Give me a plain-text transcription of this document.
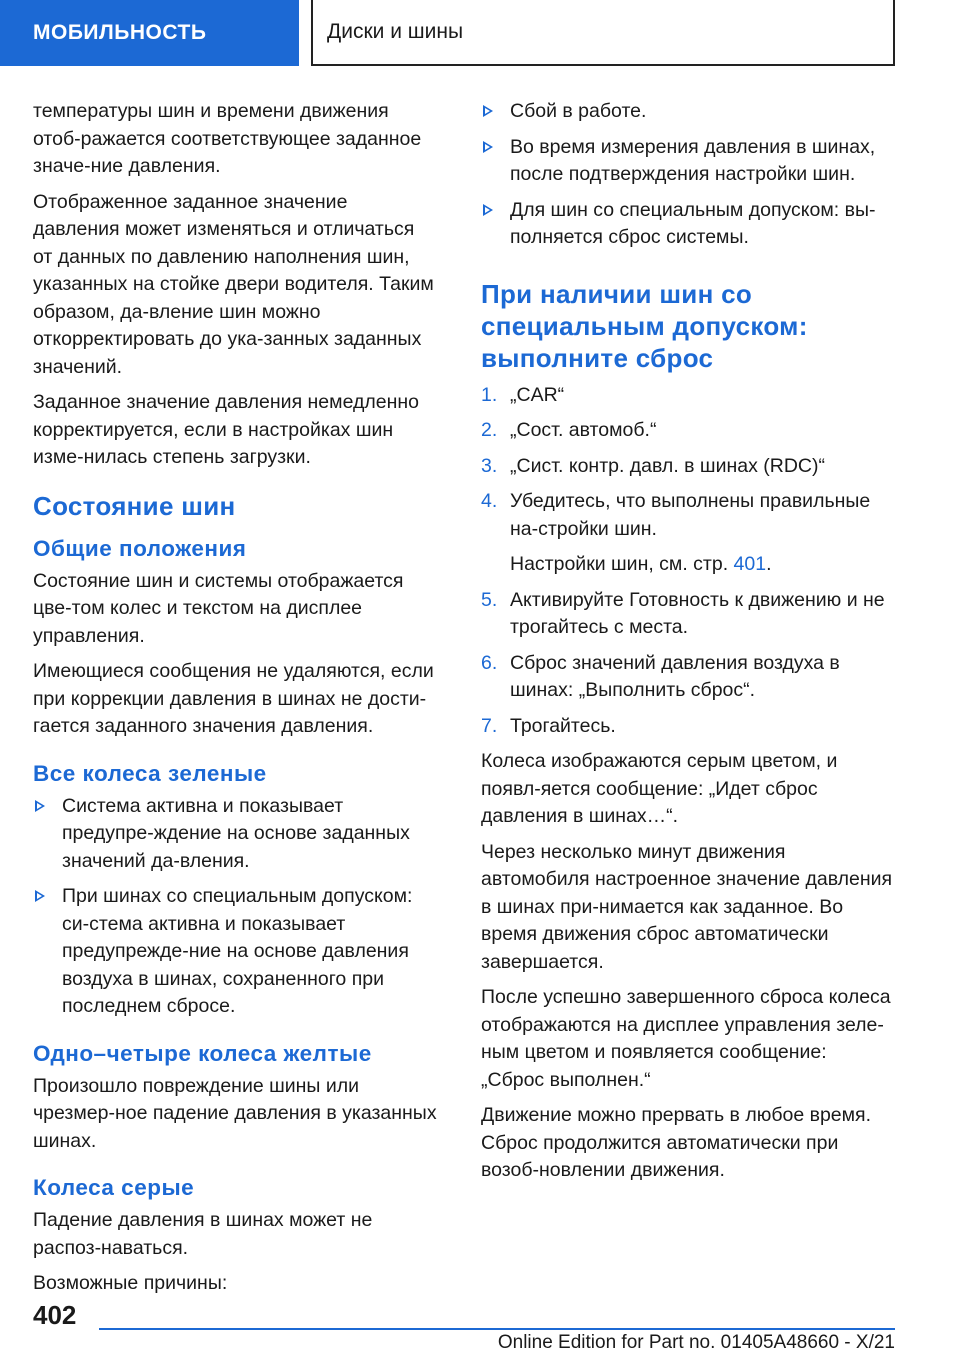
МОБИЛЬНОСТЬ	Диски и шины

температуры шин и времени движения отоб-ражается соответствующее заданное значе-ние давления.

Отображенное заданное значение давления может изменяться и отличаться от данных по давлению наполнения шин, указанных на стойке двери водителя. Таким образом, да-вление шин можно откорректировать до ука-занных заданных значений.

Заданное значение давления немедленно корректируется, если в настройках шин изме-нилась степень загрузки.

Состояние шин
Общие положения

Состояние шин и системы отображается цве-том колес и текстом на дисплее управления.

Имеющиеся сообщения не удаляются, если при коррекции давления в шинах не дости-гается заданного значения давления.

Все колеса зеленые
Система активна и показывает предупре-ждение на основе заданных значений да-вления.
При шинах со специальным допуском: си-стема активна и показывает предупрежде-ние на основе давления воздуха в шинах, сохраненного при последнем сбросе.
Одно–четыре колеса желтые

Произошло повреждение шины или чрезмер-ное падение давления в указанных шинах.

Колеса серые

Падение давления в шинах может не распоз-наваться.

Возможные причины:

Сбой в работе.
Во время измерения давления в шинах, после подтверждения настройки шин.
Для шин со специальным допуском: вы-полняется сброс системы.
При наличии шин со специальным допуском: выполните сброс
1. „CAR“
2. „Сост. автомоб.“
3. „Сист. контр. давл. в шинах (RDC)“
4. Убедитесь, что выполнены правильные на-стройки шин.
Настройки шин, см. стр. 401.
5. Активируйте Готовность к движению и не трогайтесь с места.
6. Сброс значений давления воздуха в шинах: „Выполнить сброс“.
7. Трогайтесь.

Колеса изображаются серым цветом, и появл-яется сообщение: „Идет сброс давления в шинах…“.

Через несколько минут движения автомобиля настроенное значение давления в шинах при-нимается как заданное. Во время движения сброс автоматически завершается.

После успешно завершенного сброса колеса отображаются на дисплее управления зеле-ным цветом и появляется сообщение: „Сброс выполнен.“

Движение можно прервать в любое время. Сброс продолжится автоматически при возоб-новлении движения.

402
Online Edition for Part no. 01405A48660 - X/21
